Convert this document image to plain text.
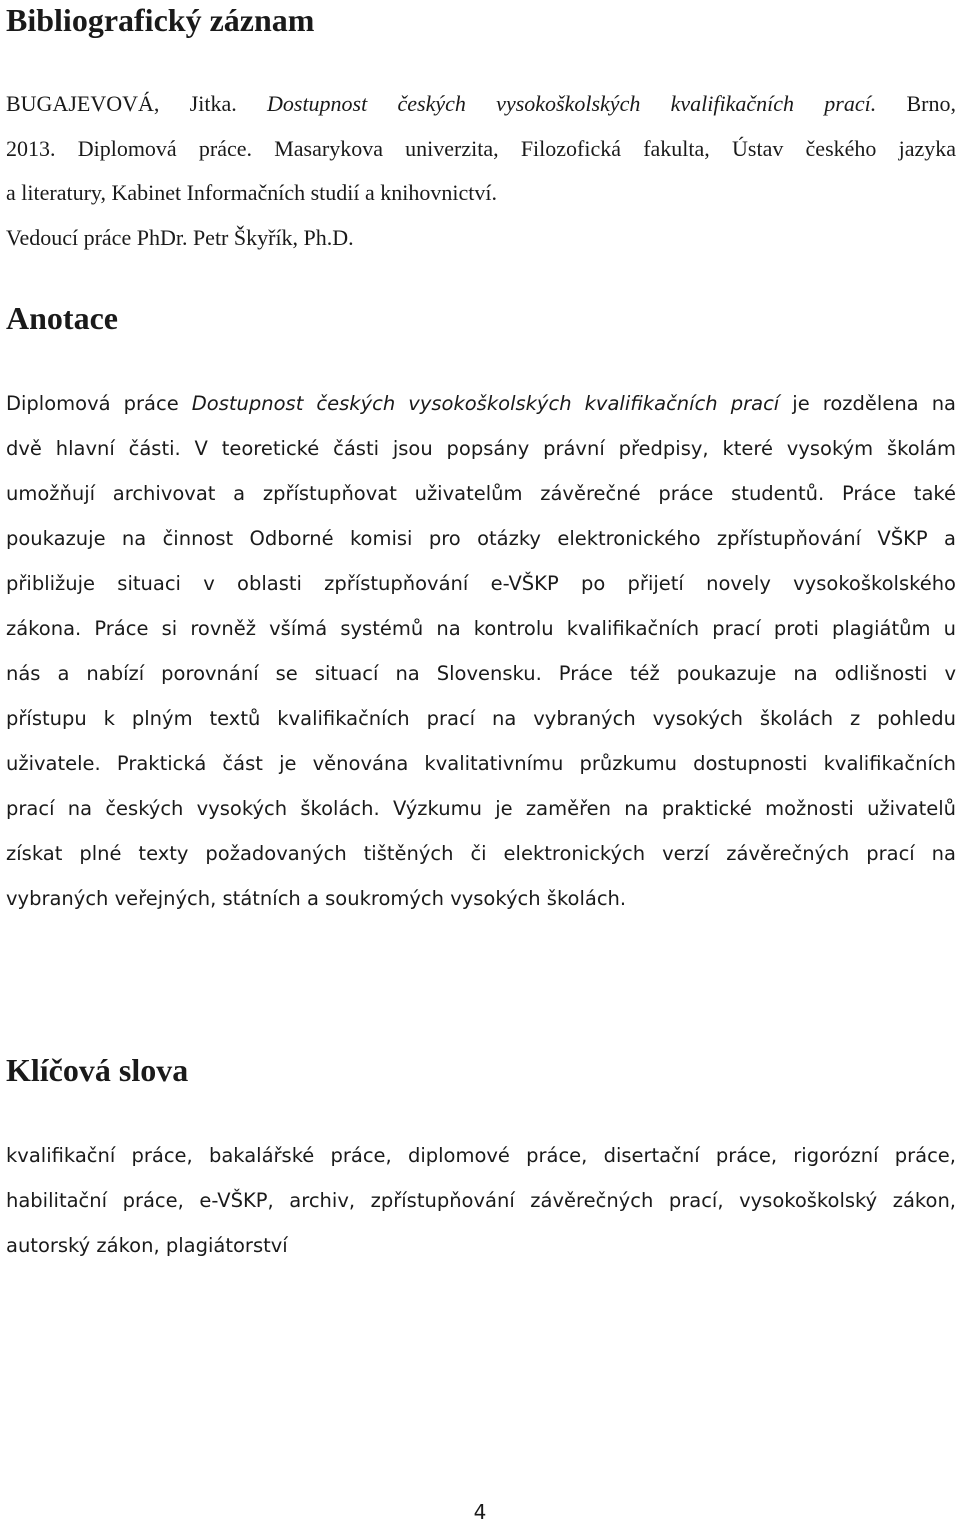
Bibliografický záznam
BUGAJEVOVÁ, Jitka. Dostupnost českých vysokoškolských kvalifikačních prací. Brno,
2013. Diplomová práce. Masarykova univerzita, Filozofická fakulta, Ústav českého jazyka
a literatury, Kabinet Informačních studií a knihovnictví.
Vedoucí práce PhDr. Petr Škyřík, Ph.D.
Anotace
Diplomová práce Dostupnost českých vysokoškolských kvalifikačních prací je rozdělena na
dvě hlavní části. V teoretické části jsou popsány právní předpisy, které vysokým školám
umožňují archivovat a zpřístupňovat uživatelům závěrečné práce studentů. Práce také
poukazuje na činnost Odborné komisi pro otázky elektronického zpřístupňování VŠKP a
přibližuje situaci v oblasti zpřístupňování e-VŠKP po přijetí novely vysokoškolského
zákona. Práce si rovněž všímá systémů na kontrolu kvalifikačních prací proti plagiátům u
nás a nabízí porovnání se situací na Slovensku. Práce též poukazuje na odlišnosti v
přístupu k plným textů kvalifikačních prací na vybraných vysokých školách z pohledu
uživatele. Praktická část je věnována kvalitativnímu průzkumu dostupnosti kvalifikačních
prací na českých vysokých školách. Výzkumu je zaměřen na praktické možnosti uživatelů
získat plné texty požadovaných tištěných či elektronických verzí závěrečných prací na
vybraných veřejných, státních a soukromých vysokých školách.
Klíčová slova
kvalifikační práce, bakalářské práce, diplomové práce, disertační práce, rigorózní práce,
habilitační práce, e-VŠKP, archiv, zpřístupňování závěrečných prací, vysokoškolský zákon,
autorský zákon, plagiátorství
4
